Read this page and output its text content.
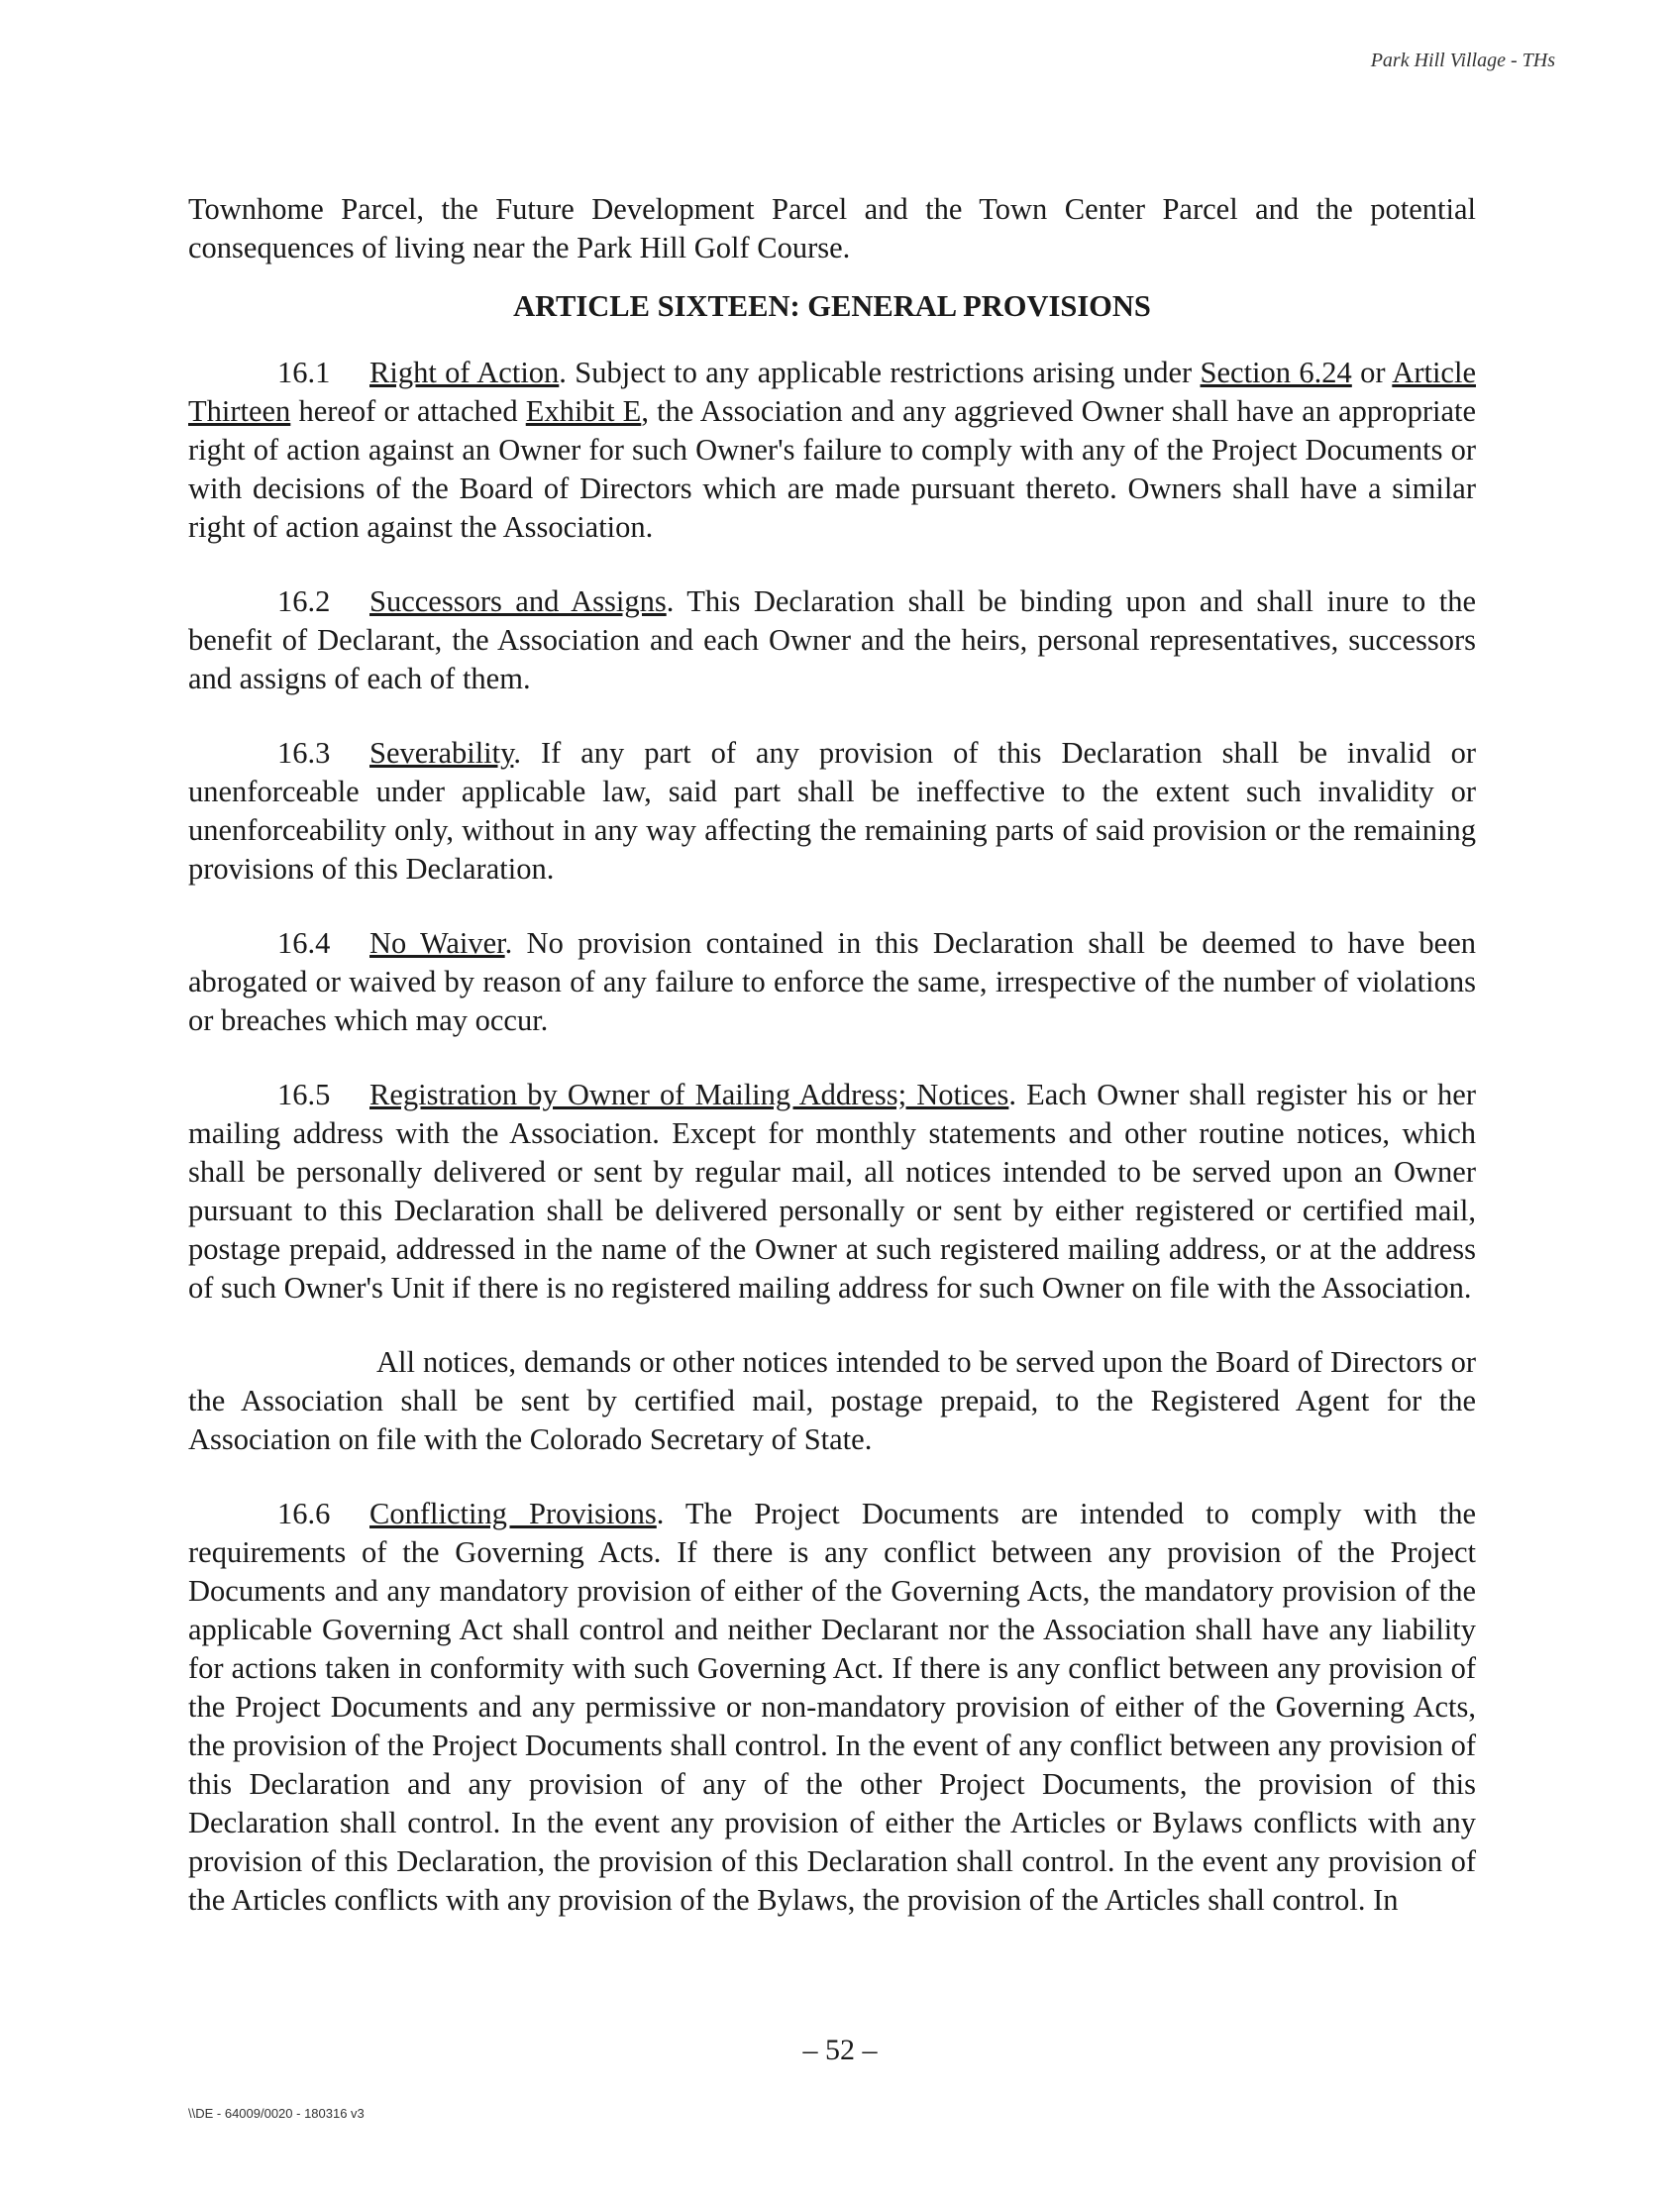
Park Hill Village - THs

Townhome Parcel, the Future Development Parcel and the Town Center Parcel and the potential consequences of living near the Park Hill Golf Course.

ARTICLE SIXTEEN: GENERAL PROVISIONS

16.1 Right of Action. Subject to any applicable restrictions arising under Section 6.24 or Article Thirteen hereof or attached Exhibit E, the Association and any aggrieved Owner shall have an appropriate right of action against an Owner for such Owner's failure to comply with any of the Project Documents or with decisions of the Board of Directors which are made pursuant thereto. Owners shall have a similar right of action against the Association.

16.2 Successors and Assigns. This Declaration shall be binding upon and shall inure to the benefit of Declarant, the Association and each Owner and the heirs, personal representatives, successors and assigns of each of them.

16.3 Severability. If any part of any provision of this Declaration shall be invalid or unenforceable under applicable law, said part shall be ineffective to the extent such invalidity or unenforceability only, without in any way affecting the remaining parts of said provision or the remaining provisions of this Declaration.

16.4 No Waiver. No provision contained in this Declaration shall be deemed to have been abrogated or waived by reason of any failure to enforce the same, irrespective of the number of violations or breaches which may occur.

16.5 Registration by Owner of Mailing Address; Notices. Each Owner shall register his or her mailing address with the Association. Except for monthly statements and other routine notices, which shall be personally delivered or sent by regular mail, all notices intended to be served upon an Owner pursuant to this Declaration shall be delivered personally or sent by either registered or certified mail, postage prepaid, addressed in the name of the Owner at such registered mailing address, or at the address of such Owner's Unit if there is no registered mailing address for such Owner on file with the Association.

All notices, demands or other notices intended to be served upon the Board of Directors or the Association shall be sent by certified mail, postage prepaid, to the Registered Agent for the Association on file with the Colorado Secretary of State.

16.6 Conflicting Provisions. The Project Documents are intended to comply with the requirements of the Governing Acts. If there is any conflict between any provision of the Project Documents and any mandatory provision of either of the Governing Acts, the mandatory provision of the applicable Governing Act shall control and neither Declarant nor the Association shall have any liability for actions taken in conformity with such Governing Act. If there is any conflict between any provision of the Project Documents and any permissive or non-mandatory provision of either of the Governing Acts, the provision of the Project Documents shall control. In the event of any conflict between any provision of this Declaration and any provision of any of the other Project Documents, the provision of this Declaration shall control. In the event any provision of either the Articles or Bylaws conflicts with any provision of this Declaration, the provision of this Declaration shall control. In the event any provision of the Articles conflicts with any provision of the Bylaws, the provision of the Articles shall control. In

– 52 –
\\DE - 64009/0020 - 180316 v3
